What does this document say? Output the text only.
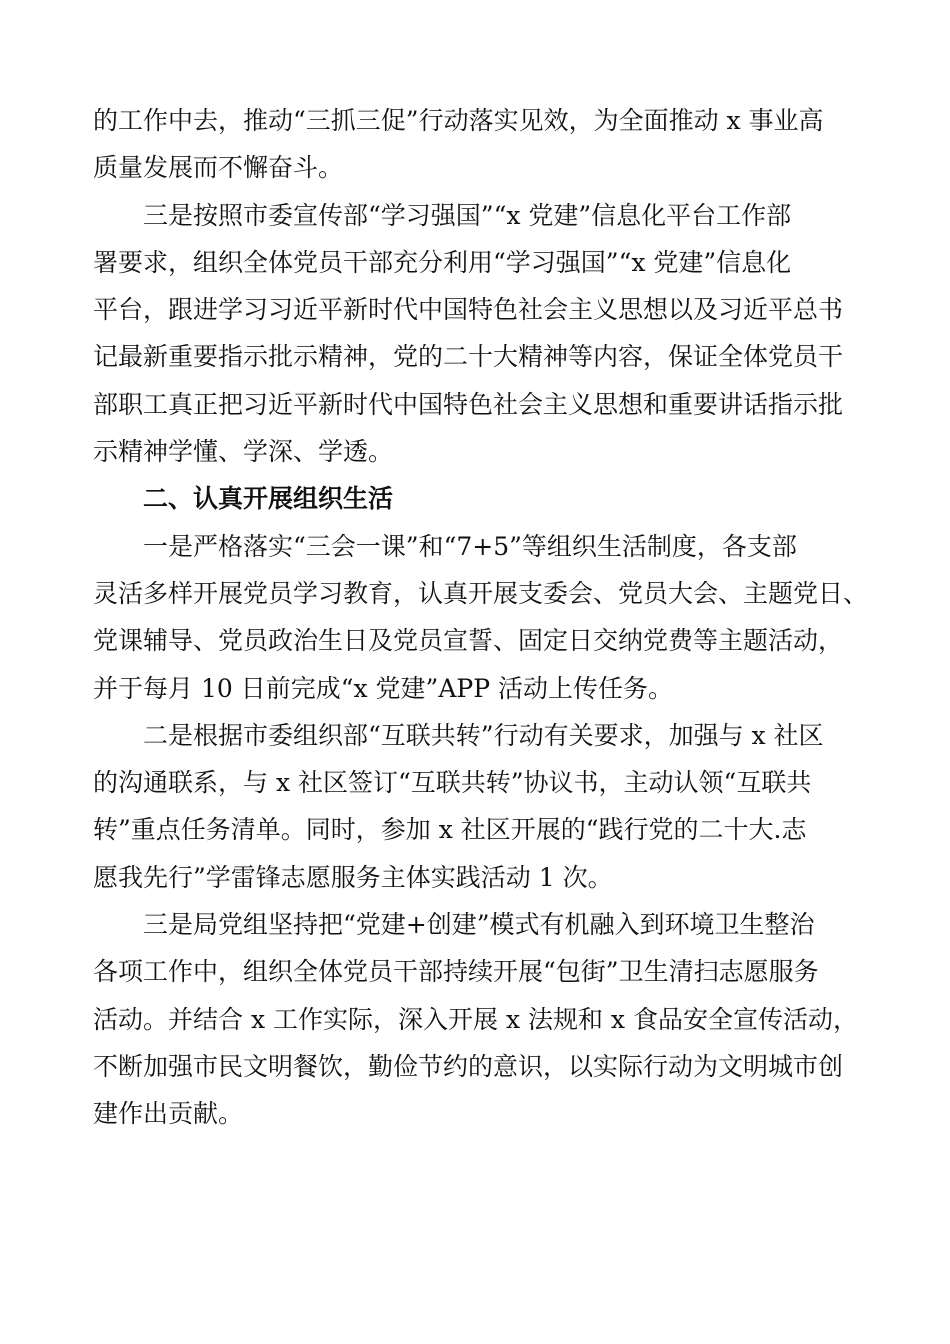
的工作中去，推动“三抓三促”行动落实见效，为全面推动 x 事业高
质量发展而不懈奋斗。
三是按照市委宣传部“学习强国”“x 党建”信息化平台工作部
署要求，组织全体党员干部充分利用“学习强国”“x 党建”信息化
平台，跟进学习习近平新时代中国特色社会主义思想以及习近平总书
记最新重要指示批示精神，党的二十大精神等内容，保证全体党员干
部职工真正把习近平新时代中国特色社会主义思想和重要讲话指示批
示精神学懂、学深、学透。
二、认真开展组织生活
一是严格落实“三会一课”和“7+5”等组织生活制度，各支部
灵活多样开展党员学习教育，认真开展支委会、党员大会、主题党日、
党课辅导、党员政治生日及党员宣誓、固定日交纳党费等主题活动，
并于每月 10 日前完成“x 党建”APP 活动上传任务。
二是根据市委组织部“互联共转”行动有关要求，加强与 x 社区
的沟通联系，与 x 社区签订“互联共转”协议书，主动认领“互联共
转”重点任务清单。同时，参加 x 社区开展的“践行党的二十大.志
愿我先行”学雷锋志愿服务主体实践活动 1 次。
三是局党组坚持把“党建+创建”模式有机融入到环境卫生整治
各项工作中，组织全体党员干部持续开展“包街”卫生清扫志愿服务
活动。并结合 x 工作实际，深入开展 x 法规和 x 食品安全宣传活动，
不断加强市民文明餐饮，勤俭节约的意识，以实际行动为文明城市创
建作出贡献。
